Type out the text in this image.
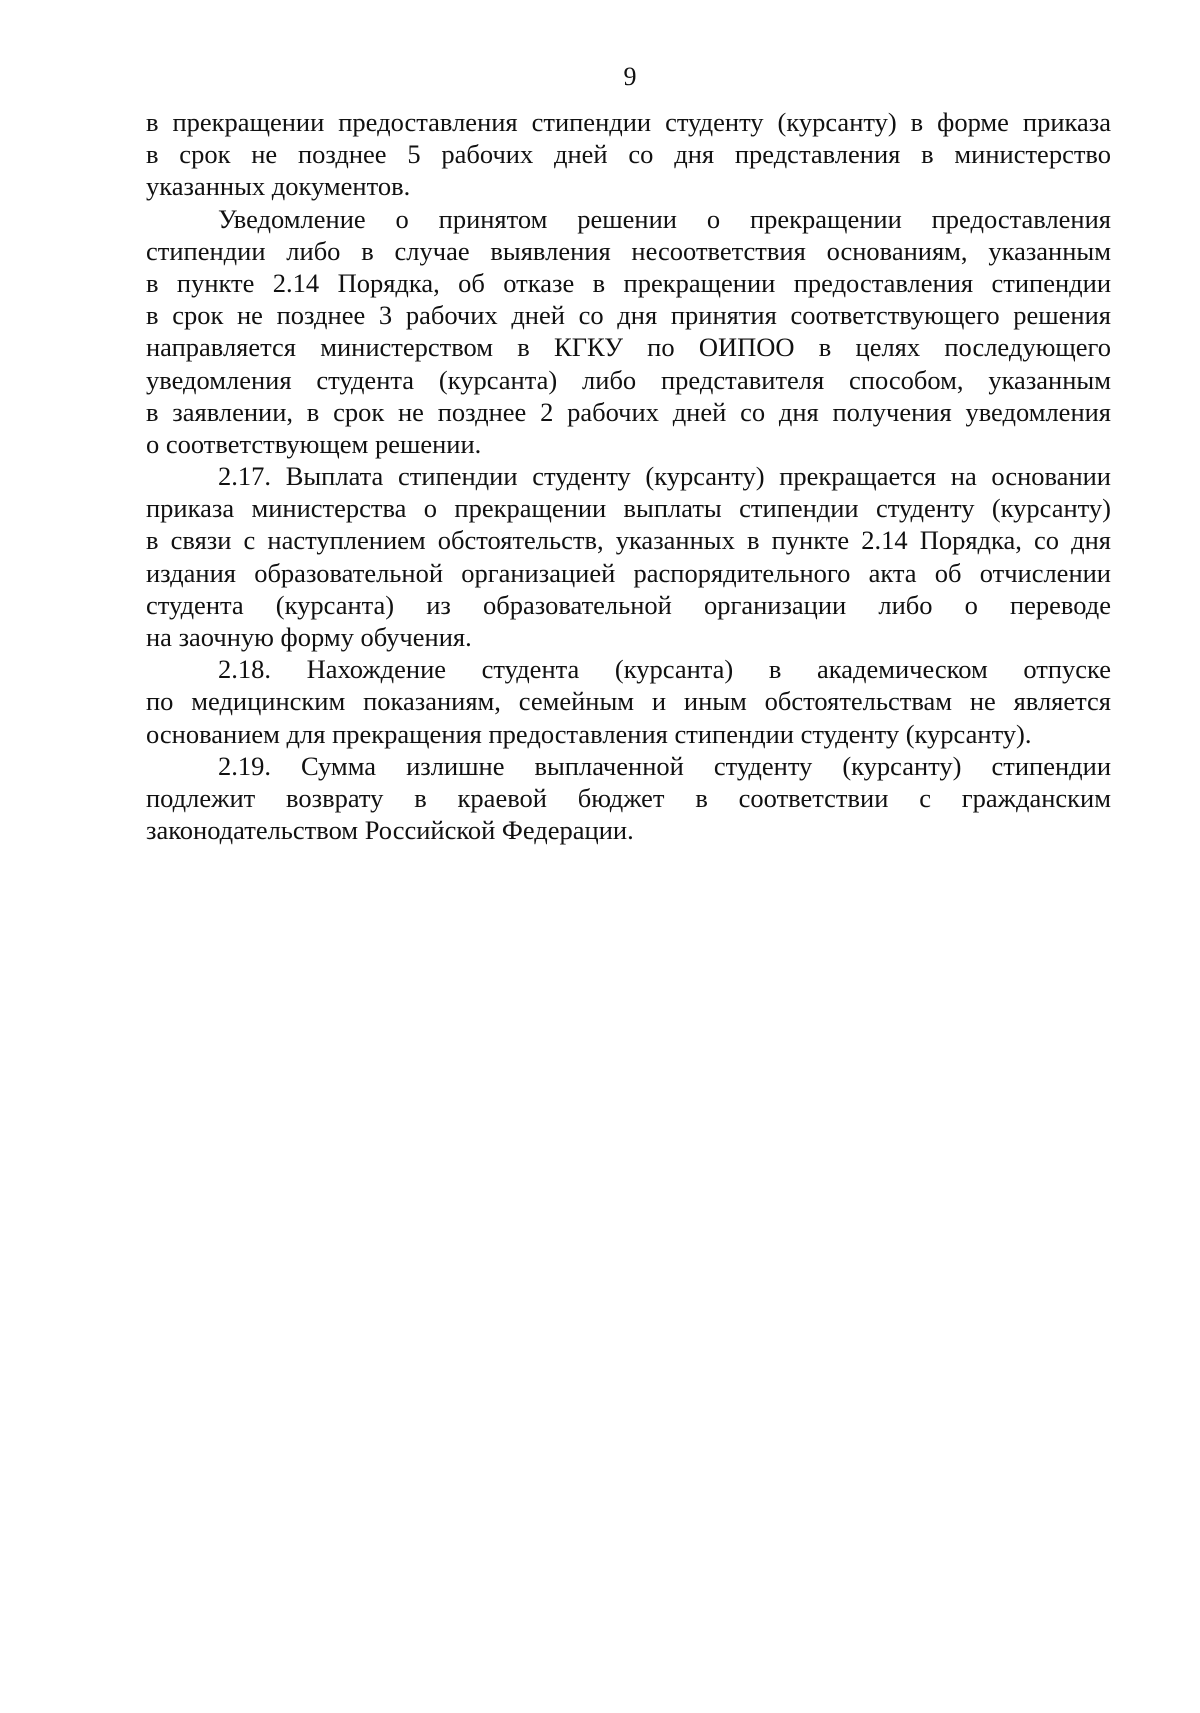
9
в прекращении предоставления стипендии студенту (курсанту) в форме приказа
в срок не позднее 5 рабочих дней со дня представления в министерство
указанных документов.
Уведомление о принятом решении о прекращении предоставления
стипендии либо в случае выявления несоответствия основаниям, указанным
в пункте 2.14 Порядка, об отказе в прекращении предоставления стипендии
в срок не позднее 3 рабочих дней со дня принятия соответствующего решения
направляется министерством в КГКУ по ОИПОО в целях последующего
уведомления студента (курсанта) либо представителя способом, указанным
в заявлении, в срок не позднее 2 рабочих дней со дня получения уведомления
о соответствующем решении.
2.17. Выплата стипендии студенту (курсанту) прекращается на основании
приказа министерства о прекращении выплаты стипендии студенту (курсанту)
в связи с наступлением обстоятельств, указанных в пункте 2.14 Порядка, со дня
издания образовательной организацией распорядительного акта об отчислении
студента (курсанта) из образовательной организации либо о переводе
на заочную форму обучения.
2.18. Нахождение студента (курсанта) в академическом отпуске
по медицинским показаниям, семейным и иным обстоятельствам не является
основанием для прекращения предоставления стипендии студенту (курсанту).
2.19. Сумма излишне выплаченной студенту (курсанту) стипендии
подлежит возврату в краевой бюджет в соответствии с гражданским
законодательством Российской Федерации.
